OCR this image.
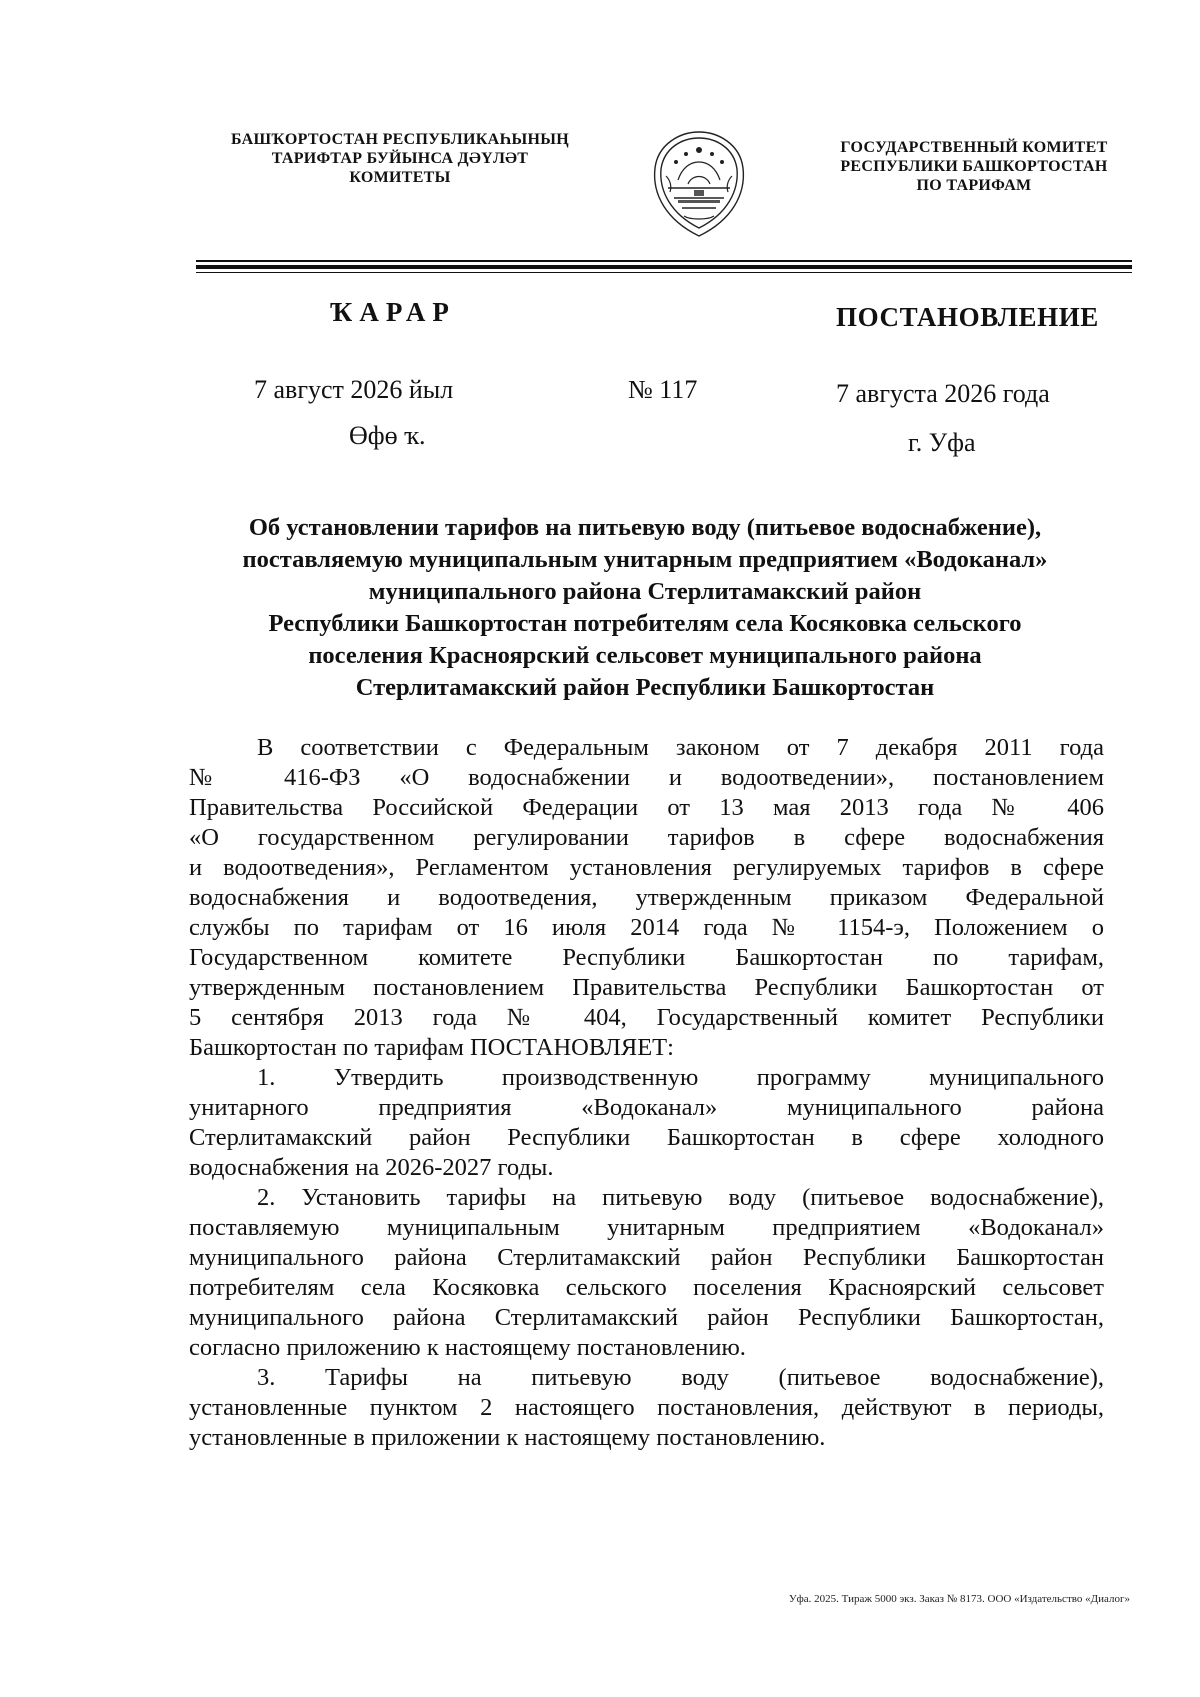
БАШҠОРТОСТАН РЕСПУБЛИКАҺЫНЫҢ
ТАРИФТАР БУЙЫНСА ДӘҮЛӘТ
КОМИТЕТЫ
ГОСУДАРСТВЕННЫЙ КОМИТЕТ
РЕСПУБЛИКИ БАШКОРТОСТАН
ПО ТАРИФАМ
ҠАРАР	ПОСТАНОВЛЕНИЕ
7 август 2026 йыл	№ 117	7 августа 2026 года
Өфө ҡ.	г. Уфа
Об установлении тарифов на питьевую воду (питьевое водоснабжение),
поставляемую муниципальным унитарным предприятием «Водоканал»
муниципального района Стерлитамакский район
Республики Башкортостан потребителям села Косяковка сельского
поселения Красноярский сельсовет муниципального района
Стерлитамакский район Республики Башкортостан
В соответствии с Федеральным законом от 7 декабря 2011 года
№ 416-ФЗ «О водоснабжении и водоотведении», постановлением
Правительства Российской Федерации от 13 мая 2013 года № 406
«О государственном регулировании тарифов в сфере водоснабжения
и водоотведения», Регламентом установления регулируемых тарифов в сфере
водоснабжения и водоотведения, утвержденным приказом Федеральной
службы по тарифам от 16 июля 2014 года № 1154-э, Положением о
Государственном комитете Республики Башкортостан по тарифам,
утвержденным постановлением Правительства Республики Башкортостан от
5 сентября 2013 года № 404, Государственный комитет Республики
Башкортостан по тарифам ПОСТАНОВЛЯЕТ:
1. Утвердить производственную программу муниципального
унитарного предприятия «Водоканал» муниципального района
Стерлитамакский район Республики Башкортостан в сфере холодного
водоснабжения на 2026-2027 годы.
2. Установить тарифы на питьевую воду (питьевое водоснабжение),
поставляемую муниципальным унитарным предприятием «Водоканал»
муниципального района Стерлитамакский район Республики Башкортостан
потребителям села Косяковка сельского поселения Красноярский сельсовет
муниципального района Стерлитамакский район Республики Башкортостан,
согласно приложению к настоящему постановлению.
3. Тарифы на питьевую воду (питьевое водоснабжение),
установленные пунктом 2 настоящего постановления, действуют в периоды,
установленные в приложении к настоящему постановлению.
Уфа. 2025. Тираж 5000 экз. Заказ № 8173. ООО «Издательство «Диалог»
